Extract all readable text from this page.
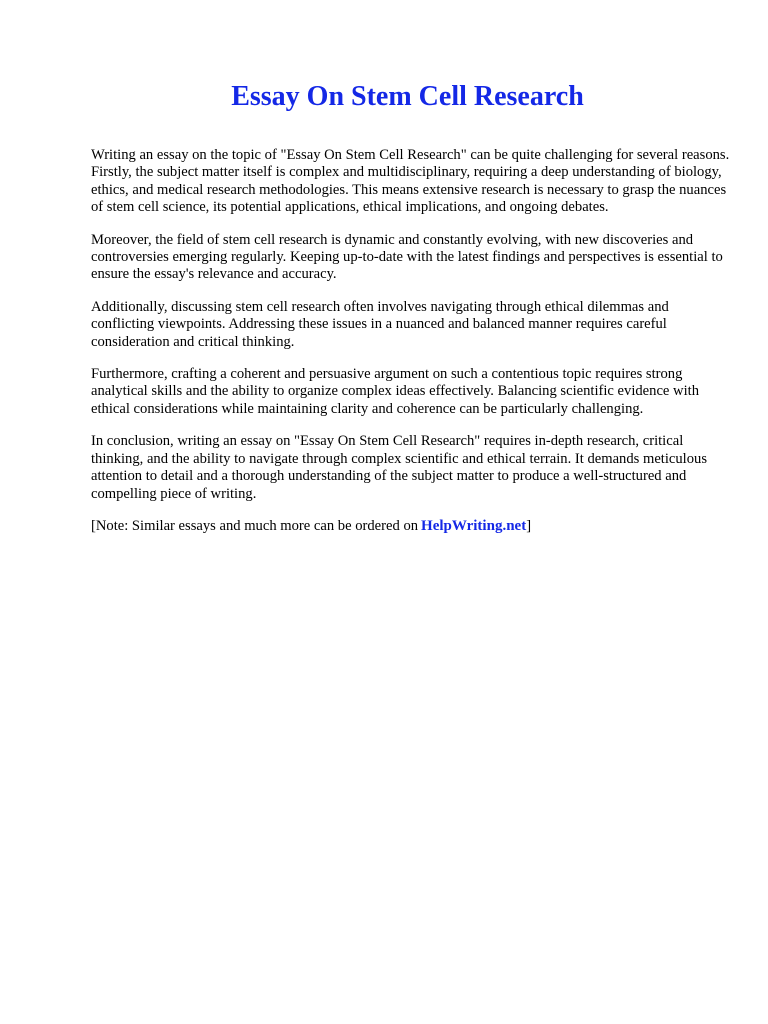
Essay On Stem Cell Research

Writing an essay on the topic of "Essay On Stem Cell Research" can be quite challenging for several reasons. Firstly, the subject matter itself is complex and multidisciplinary, requiring a deep understanding of biology, ethics, and medical research methodologies. This means extensive research is necessary to grasp the nuances of stem cell science, its potential applications, ethical implications, and ongoing debates.

Moreover, the field of stem cell research is dynamic and constantly evolving, with new discoveries and controversies emerging regularly. Keeping up-to-date with the latest findings and perspectives is essential to ensure the essay's relevance and accuracy.

Additionally, discussing stem cell research often involves navigating through ethical dilemmas and conflicting viewpoints. Addressing these issues in a nuanced and balanced manner requires careful consideration and critical thinking.

Furthermore, crafting a coherent and persuasive argument on such a contentious topic requires strong analytical skills and the ability to organize complex ideas effectively. Balancing scientific evidence with ethical considerations while maintaining clarity and coherence can be particularly challenging.

In conclusion, writing an essay on "Essay On Stem Cell Research" requires in-depth research, critical thinking, and the ability to navigate through complex scientific and ethical terrain. It demands meticulous attention to detail and a thorough understanding of the subject matter to produce a well-structured and compelling piece of writing.

[Note: Similar essays and much more can be ordered on HelpWriting.net]
